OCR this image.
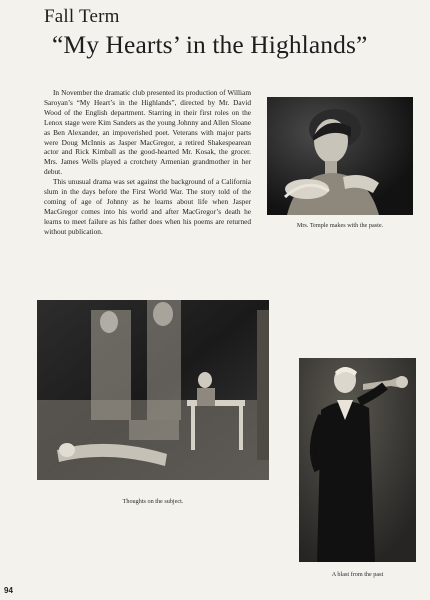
Fall Term
“My Hearts’ in the Highlands”

In November the dramatic club presented its production of William Saroyan’s “My Heart’s in the Highlands”, directed by Mr. David Wood of the English department. Starring in their first roles on the Lenox stage were Kim Sanders as the young Johnny and Allen Sloane as Ben Alexander, an impoverished poet. Veterans with major parts were Doug McInnis as Jasper MacGregor, a retired Shakespearean actor and Rick Kimball as the good-hearted Mr. Kosak, the grocer. Mrs. James Wells played a crotchety Armenian grandmother in her debut.

This unusual drama was set against the background of a California slum in the days before the First World War. The story told of the coming of age of Johnny as he learns about life when Jasper MacGregor comes into his world and after MacGregor’s death he learns to meet failure as his father does when his poems are returned without publication.

Mrs. Temple makes with the paste.
Thoughts on the subject.
A blast from the past
94
